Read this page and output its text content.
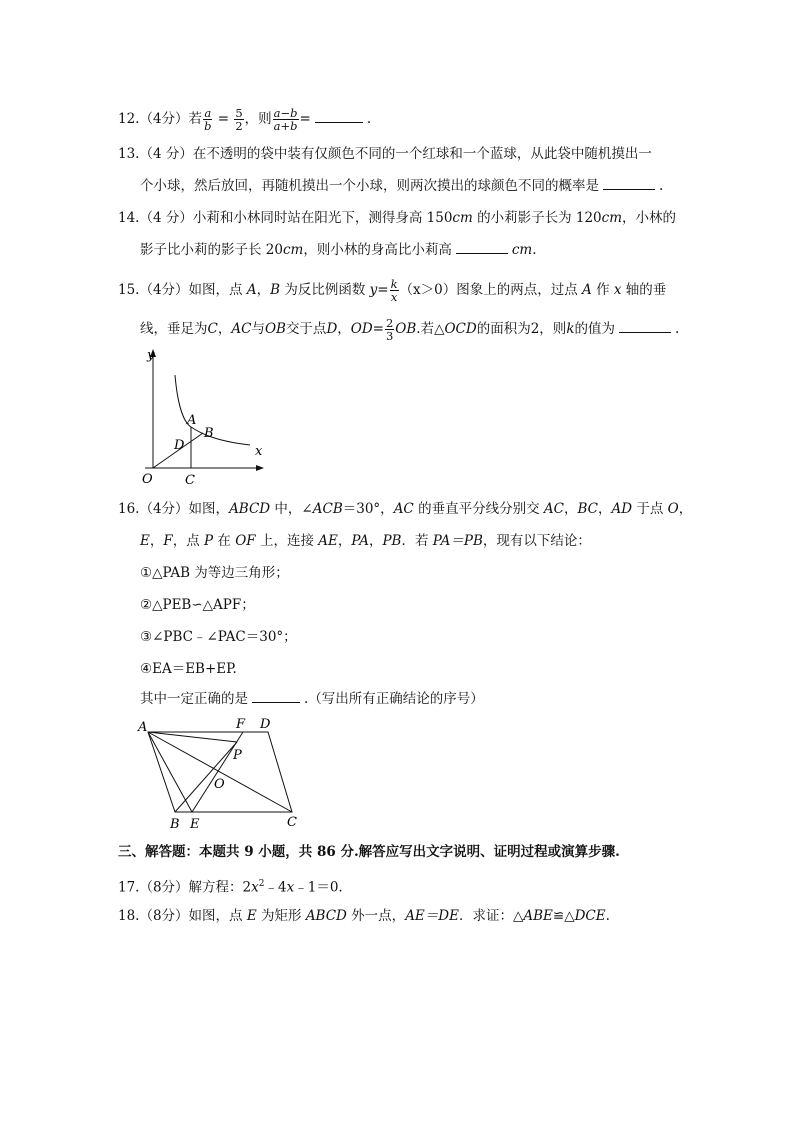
12.（4分）若 $\frac{a}{b} = \frac{5}{2}$ ，则 $\frac{a-b}{a+b}$ =	.
13.（4 分）在不透明的袋中装有仅颜色不同的一个红球和一个蓝球，从此袋中随机摸出一
个小球，然后放回，再随机摸出一个小球，则两次摸出的球颜色不同的概率是	.
14.（4 分）小莉和小林同时站在阳光下，测得身高 150cm 的小莉影子长为 120cm，小林的
影子比小莉的影子长 20cm，则小林的身高比小莉高	cm.
15.（4分）如图，点 A，B 为反比例函数 $y= \frac{k}{x} (x>0)$图象上的两点，过点 A 作 x 轴的垂
线，垂足为C，AC与OB交于点D，$OD= \frac{2}{3}$ OB.若△OCD的面积为2，则k的值为	.
y
x
O
A
B
D
C
16.（4分）如图，ABCD 中，∠ACB＝30°，AC 的垂直平分线分别交 AC，BC，AD 于点 O，
E，F，点 P 在 OF 上，连接 AE，PA，PB．若 PA＝PB，现有以下结论：
①△PAB 为等边三角形；
②△PEB∽△APF；
③∠PBC﹣∠PAC＝30°；
④EA＝EB+EP.
其中一定正确的是	.（写出所有正确结论的序号）
A	F D
P
O
B E	C
三、解答题：本题共 9 小题，共 86 分.解答应写出文字说明、证明过程或演算步骤.
17.（8分）解方程：$2x^2﹣4x﹣1=0$.
18.（8分）如图，点 E 为矩形 ABCD 外一点，AE＝DE．求证：△ABE≌△DCE.
